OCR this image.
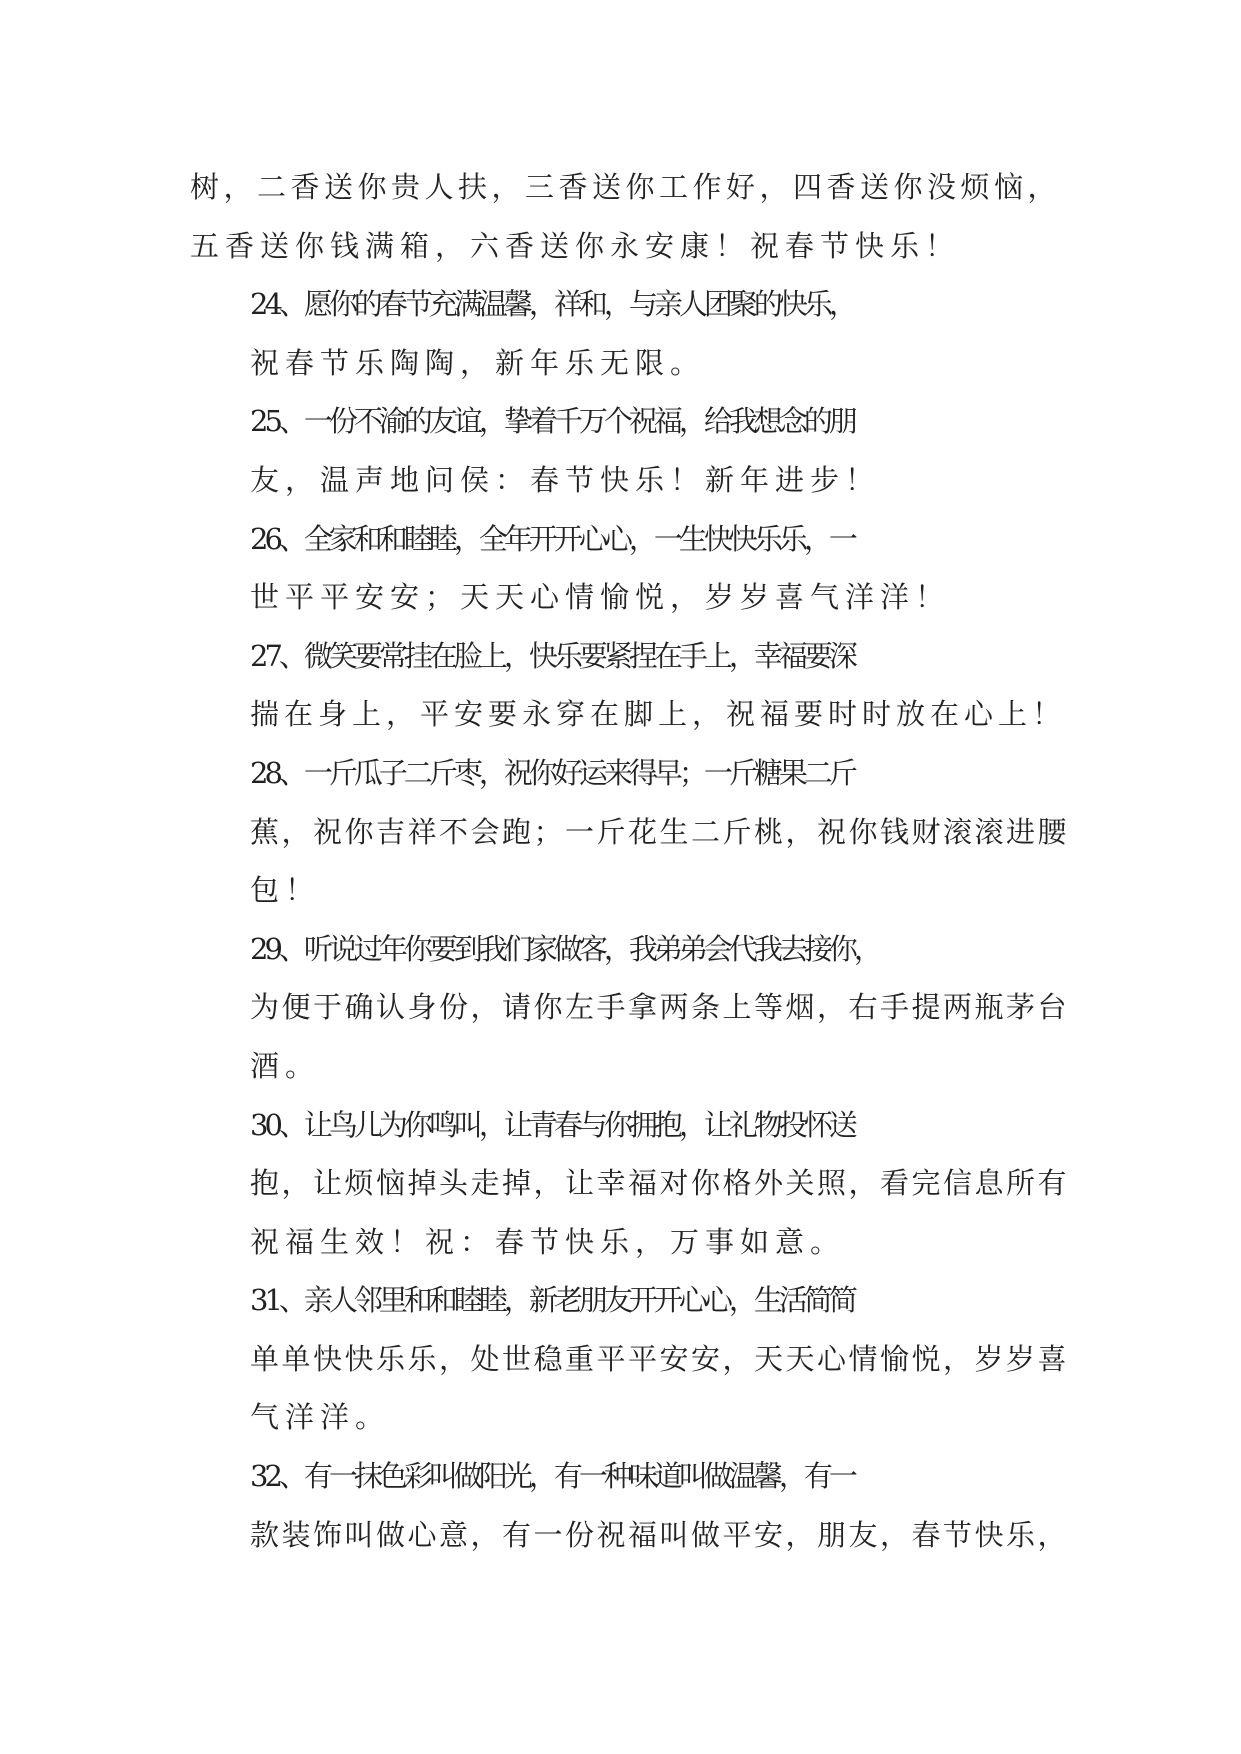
树，二香送你贵人扶，三香送你工作好，四香送你没烦恼，
五香送你钱满箱，六香送你永安康！祝春节快乐！
24、愿你的春节充满温馨，祥和，与亲人团聚的快乐，
祝春节乐陶陶，新年乐无限。
25、一份不渝的友谊，挚着千万个祝福，给我想念的朋
友，温声地问侯：春节快乐！新年进步！
26、全家和和睦睦，全年开开心心，一生快快乐乐，一
世平平安安；天天心情愉悦，岁岁喜气洋洋！
27、微笑要常挂在脸上，快乐要紧捏在手上，幸福要深
揣在身上，平安要永穿在脚上，祝福要时时放在心上！
28、一斤瓜子二斤枣，祝你好运来得早；一斤糖果二斤
蕉，祝你吉祥不会跑；一斤花生二斤桃，祝你钱财滚滚进腰
包！
29、听说过年你要到我们家做客，我弟弟会代我去接你，
为便于确认身份，请你左手拿两条上等烟，右手提两瓶茅台
酒。
30、让鸟儿为你鸣叫，让青春与你拥抱，让礼物投怀送
抱，让烦恼掉头走掉，让幸福对你格外关照，看完信息所有
祝福生效！祝：春节快乐，万事如意。
31、亲人邻里和和睦睦，新老朋友开开心心，生活简简
单单快快乐乐，处世稳重平平安安，天天心情愉悦，岁岁喜
气洋洋。
32、有一抹色彩叫做阳光，有一种味道叫做温馨，有一
款装饰叫做心意，有一份祝福叫做平安，朋友，春节快乐，
